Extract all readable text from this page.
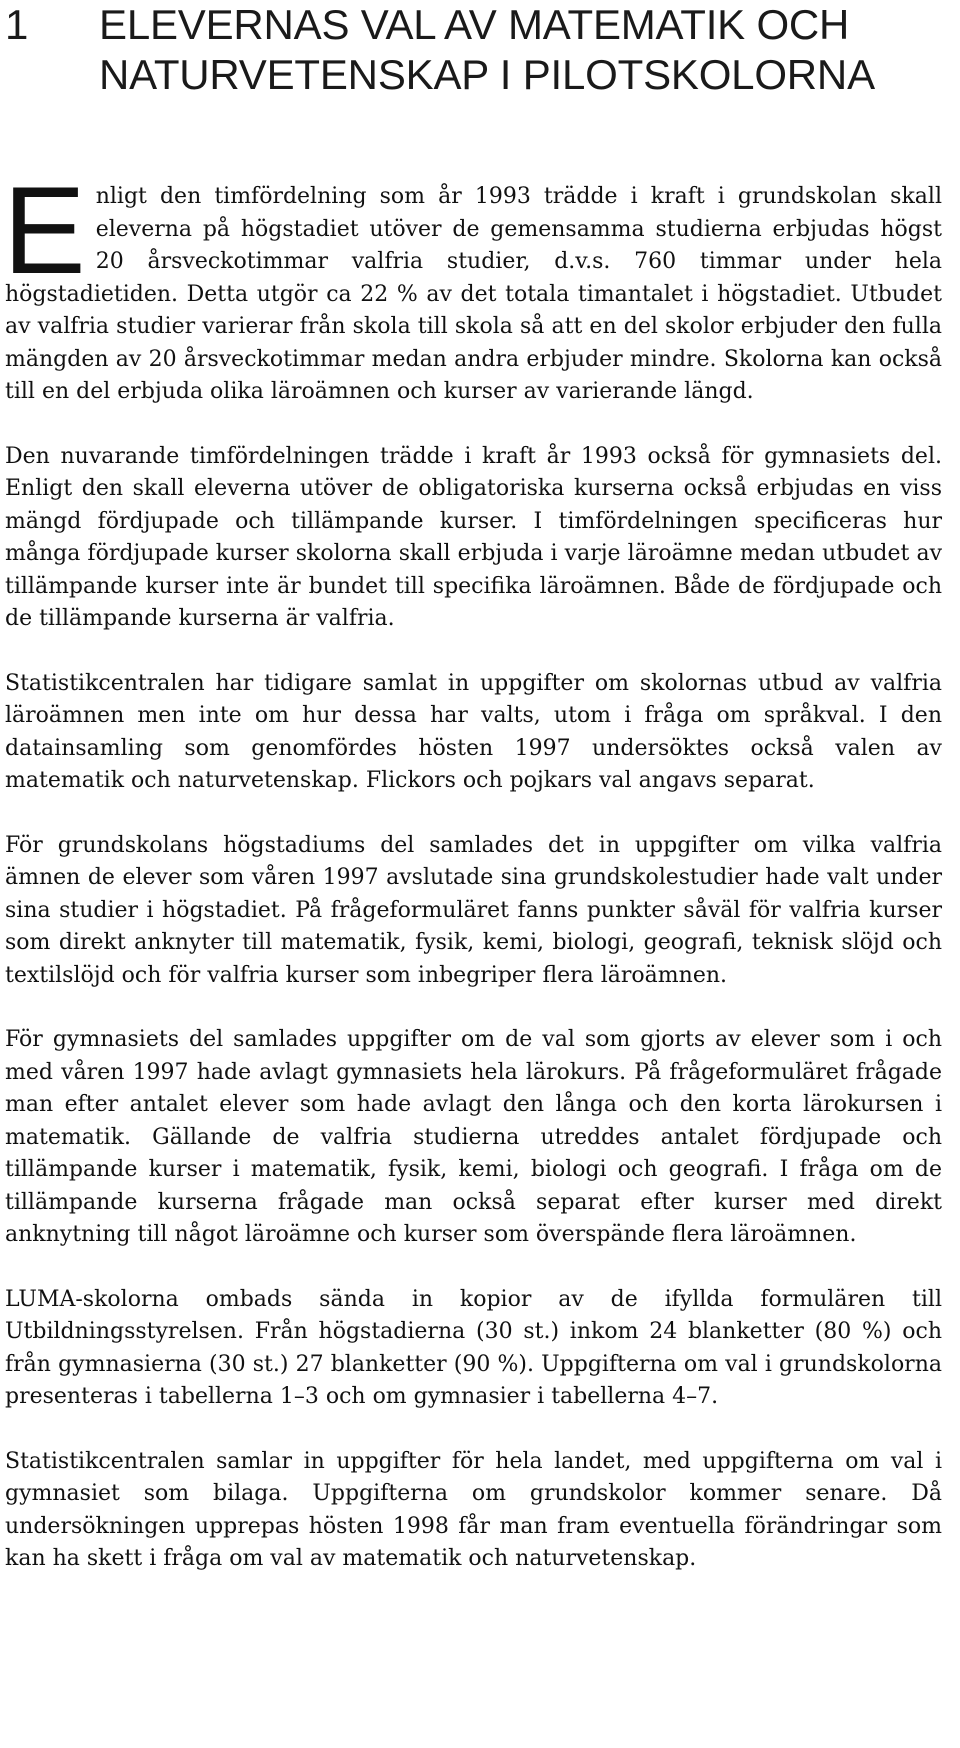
1 ELEVERNAS VAL AV MATEMATIK OCH NATURVETENSKAP I PILOTSKOLORNA

Enligt den timfördelning som år 1993 trädde i kraft i grundskolan skall eleverna på högstadiet utöver de gemensamma studierna erbjudas högst 20 årsveckotimmar valfria studier, d.v.s. 760 timmar under hela högstadietiden. Detta utgör ca 22 % av det totala timantalet i högstadiet. Utbudet av valfria studier varierar från skola till skola så att en del skolor erbjuder den fulla mängden av 20 årsveckotimmar medan andra erbjuder mindre. Skolorna kan också till en del erbjuda olika läroämnen och kurser av varierande längd.

Den nuvarande timfördelningen trädde i kraft år 1993 också för gymnasiets del. Enligt den skall eleverna utöver de obligatoriska kurserna också erbjudas en viss mängd fördjupade och tillämpande kurser. I timfördelningen specificeras hur många fördjupade kurser skolorna skall erbjuda i varje läroämne medan utbudet av tillämpande kurser inte är bundet till specifika läroämnen. Både de fördjupade och de tillämpande kurserna är valfria.

Statistikcentralen har tidigare samlat in uppgifter om skolornas utbud av valfria läroämnen men inte om hur dessa har valts, utom i fråga om språkval. I den datainsamling som genomfördes hösten 1997 undersöktes också valen av matematik och naturvetenskap. Flickors och pojkars val angavs separat.

För grundskolans högstadiums del samlades det in uppgifter om vilka valfria ämnen de elever som våren 1997 avslutade sina grundskolestudier hade valt under sina studier i högstadiet. På frågeformuläret fanns punkter såväl för valfria kurser som direkt anknyter till matematik, fysik, kemi, biologi, geografi, teknisk slöjd och textilslöjd och för valfria kurser som inbegriper flera läroämnen.

För gymnasiets del samlades uppgifter om de val som gjorts av elever som i och med våren 1997 hade avlagt gymnasiets hela lärokurs. På frågeformuläret frågade man efter antalet elever som hade avlagt den långa och den korta lärokursen i matematik. Gällande de valfria studierna utreddes antalet fördjupade och tillämpande kurser i matematik, fysik, kemi, biologi och geografi. I fråga om de tillämpande kurserna frågade man också separat efter kurser med direkt anknytning till något läroämne och kurser som överspände flera läroämnen.

LUMA-skolorna ombads sända in kopior av de ifyllda formulären till Utbildningsstyrelsen. Från högstadierna (30 st.) inkom 24 blanketter (80 %) och från gymnasierna (30 st.) 27 blanketter (90 %). Uppgifterna om val i grundskolorna presenteras i tabellerna 1–3 och om gymnasier i tabellerna 4–7.

Statistikcentralen samlar in uppgifter för hela landet, med uppgifterna om val i gymnasiet som bilaga. Uppgifterna om grundskolor kommer senare. Då undersökningen upprepas hösten 1998 får man fram eventuella förändringar som kan ha skett i fråga om val av matematik och naturvetenskap.
